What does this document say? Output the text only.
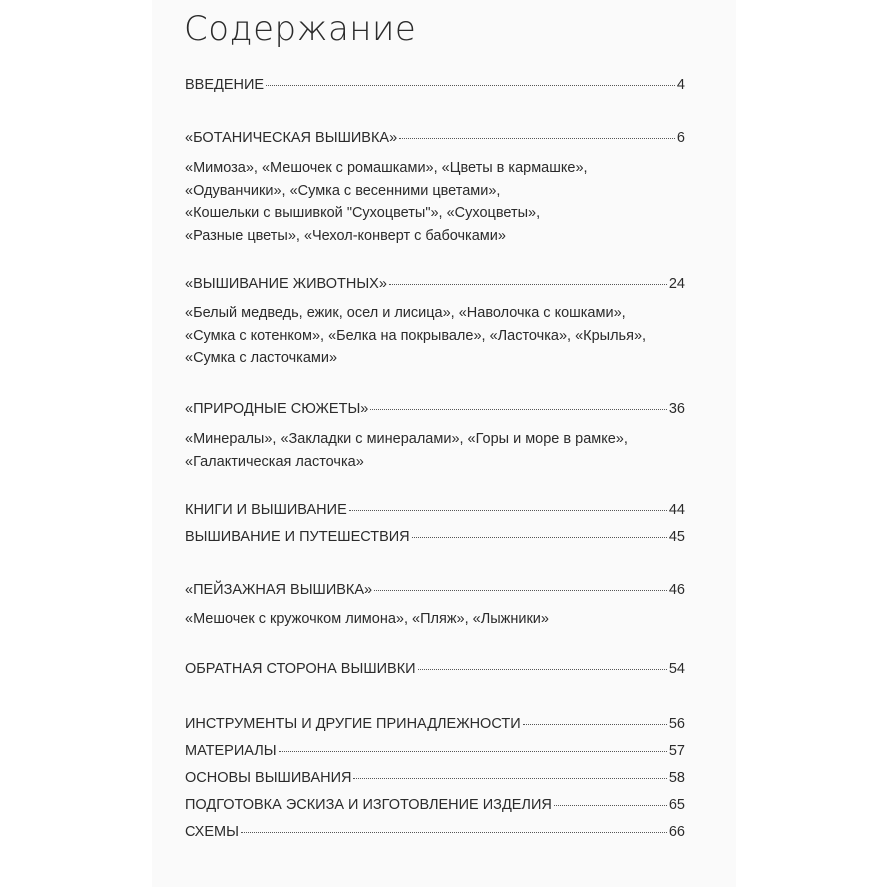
Содержание
ВВЕДЕНИЕ	4
«БОТАНИЧЕСКАЯ ВЫШИВКА»	6
«Мимоза», «Мешочек с ромашками», «Цветы в кармашке»,
«Одуванчики», «Сумка с весенними цветами»,
«Кошельки с вышивкой "Сухоцветы"», «Сухоцветы»,
«Разные цветы», «Чехол-конверт с бабочками»
«ВЫШИВАНИЕ ЖИВОТНЫХ»	24
«Белый медведь, ежик, осел и лисица», «Наволочка с кошками»,
«Сумка с котенком», «Белка на покрывале», «Ласточка», «Крылья»,
«Сумка с ласточками»
«ПРИРОДНЫЕ СЮЖЕТЫ»	36
«Минералы», «Закладки с минералами», «Горы и море в рамке»,
«Галактическая ласточка»
КНИГИ И ВЫШИВАНИЕ	44
ВЫШИВАНИЕ И ПУТЕШЕСТВИЯ	45
«ПЕЙЗАЖНАЯ ВЫШИВКА»	46
«Мешочек с кружочком лимона», «Пляж», «Лыжники»
ОБРАТНАЯ СТОРОНА ВЫШИВКИ	54
ИНСТРУМЕНТЫ И ДРУГИЕ ПРИНАДЛЕЖНОСТИ	56
МАТЕРИАЛЫ	57
ОСНОВЫ ВЫШИВАНИЯ	58
ПОДГОТОВКА ЭСКИЗА И ИЗГОТОВЛЕНИЕ ИЗДЕЛИЯ	65
СХЕМЫ	66
